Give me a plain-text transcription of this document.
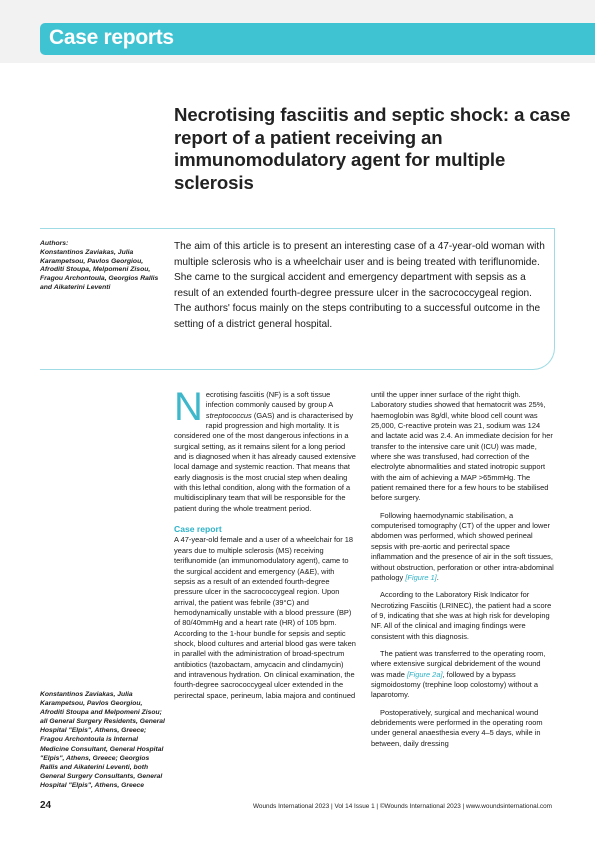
Case reports
Necrotising fasciitis and septic shock: a case report of a patient receiving an immunomodulatory agent for multiple sclerosis
Authors:
Konstantinos Zaviakas, Julia Karampetsou, Pavlos Georgiou, Afroditi Stoupa, Melpomeni Zisou, Fragou Archontoula, Georgios Rallis and Aikaterini Leventi

The aim of this article is to present an interesting case of a 47-year-old woman with multiple sclerosis who is a wheelchair user and is being treated with teriflunomide. She came to the surgical accident and emergency department with sepsis as a result of an extended fourth-degree pressure ulcer in the sacrococcygeal region. The authors' focus mainly on the steps contributing to a successful outcome in the setting of a district general hospital.

Necrotising fasciitis (NF) is a soft tissue infection commonly caused by group A streptococcus (GAS) and is characterised by rapid progression and high mortality. It is considered one of the most dangerous infections in a surgical setting, as it remains silent for a long period and is diagnosed when it has already caused extensive local damage and systemic reaction. That means that early diagnosis is the most crucial step when dealing with this lethal condition, along with the formation of a multidisciplinary team that will be responsible for the patient during the whole treatment period.

Case report

A 47-year-old female and a user of a wheelchair for 18 years due to multiple sclerosis (MS) receiving teriflunomide (an immunomodulatory agent), came to the surgical accident and emergency (A&E), with sepsis as a result of an extended fourth-degree pressure ulcer in the sacrococcygeal region. Upon arrival, the patient was febrile (39°C) and hemodynamically unstable with a blood pressure (BP) of 80/40mmHg and a heart rate (HR) of 105 bpm. According to the 1-hour bundle for sepsis and septic shock, blood cultures and arterial blood gas were taken in parallel with the administration of broad-spectrum antibiotics (tazobactam, amycacin and clindamycin) and intravenous hydration. On clinical examination, the fourth-degree sacrococcygeal ulcer extended in the perirectal space, perineum, labia majora and continued

until the upper inner surface of the right thigh. Laboratory studies showed that hematocrit was 25%, haemoglobin was 8g/dl, white blood cell count was 25,000, C-reactive protein was 21, sodium was 124 and lactate acid was 2.4. An immediate decision for her transfer to the intensive care unit (ICU) was made, where she was transfused, had correction of the electrolyte abnormalities and stated inotropic support with the aim of achieving a MAP >65mmHg. The patient remained there for a few hours to be stabilised before surgery.

Following haemodynamic stabilisation, a computerised tomography (CT) of the upper and lower abdomen was performed, which showed perineal sepsis with pre-aortic and perirectal space inflammation and the presence of air in the soft tissues, without obstruction, perforation or other intra-abdominal pathology [Figure 1].

According to the Laboratory Risk Indicator for Necrotizing Fasciitis (LRINEC), the patient had a score of 9, indicating that she was at high risk for developing NF. All of the clinical and imaging findings were consistent with this diagnosis.

The patient was transferred to the operating room, where extensive surgical debridement of the wound was made [Figure 2a], followed by a bypass sigmoidostomy (trephine loop colostomy) without a laparotomy.

Postoperatively, surgical and mechanical wound debridements were performed in the operating room under general anaesthesia every 4–5 days, while in between, daily dressing

Konstantinos Zaviakas, Julia Karampetsou, Pavlos Georgiou, Afroditi Stoupa and Melpomeni Zisou; all General Surgery Residents, General Hospital "Elpis", Athens, Greece; Fragou Archontoula is Internal Medicine Consultant, General Hospital "Elpis", Athens, Greece; Georgios Rallis and Aikaterini Leventi, both General Surgery Consultants, General Hospital "Elpis", Athens, Greece
24	Wounds International 2023 | Vol 14 Issue 1 | ©Wounds International 2023 | www.woundsinternational.com
